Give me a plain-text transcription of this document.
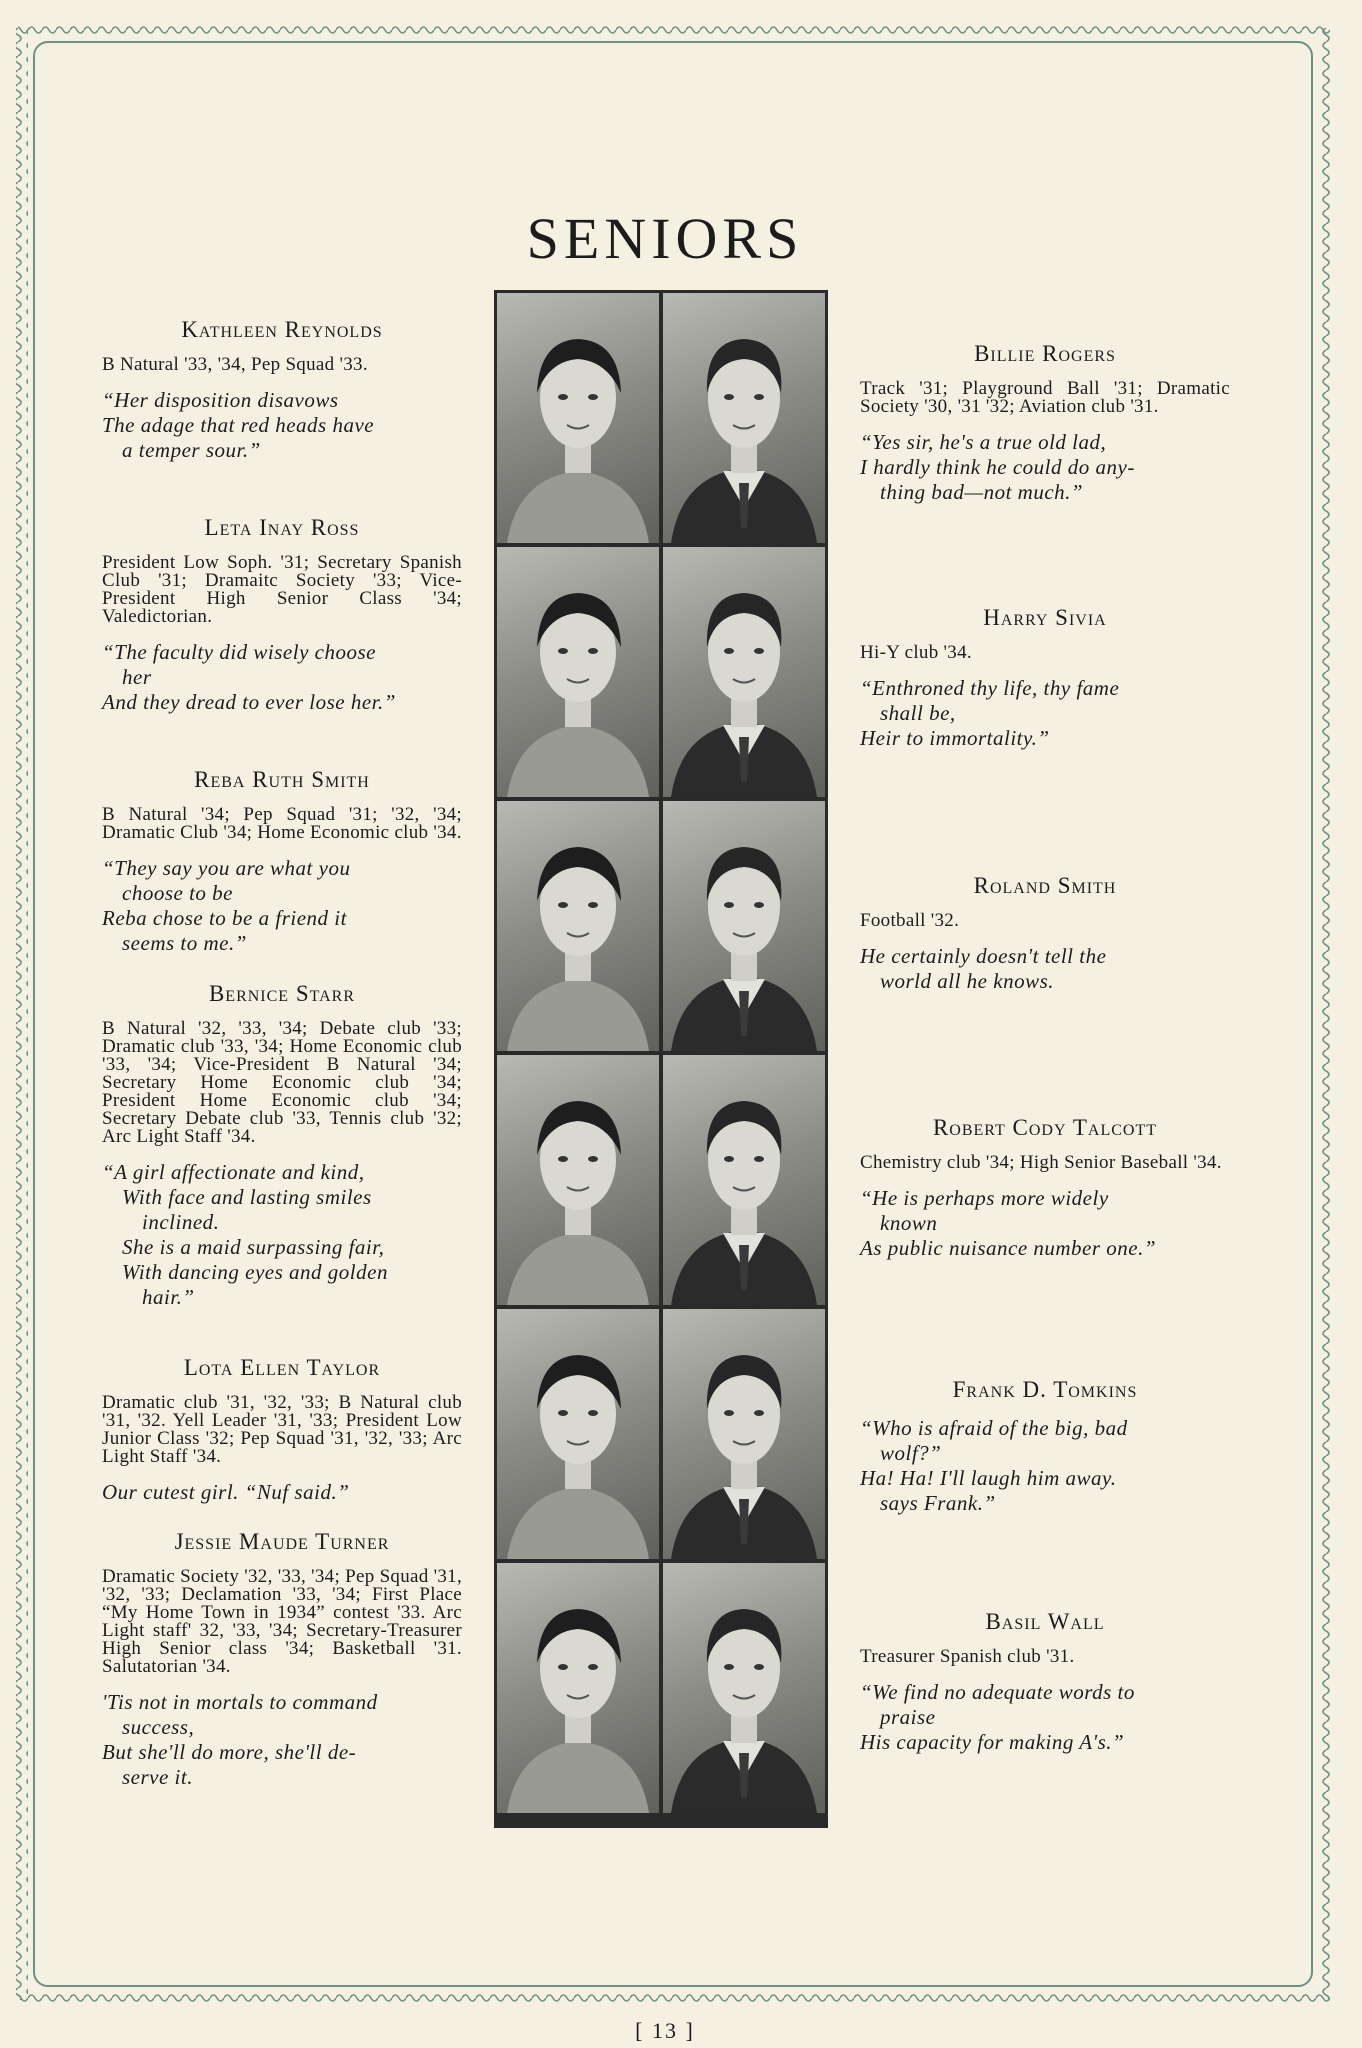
SENIORS
Kathleen Reynolds
B Natural '33, '34, Pep Squad '33.
“Her disposition disavows
The adage that red heads have
a temper sour.”
Leta Inay Ross
President Low Soph. '31; Secretary Spanish Club '31; Dramaitc Society '33; Vice-President High Senior Class '34; Valedictorian.
“The faculty did wisely choose
her
And they dread to ever lose her.”
Reba Ruth Smith
B Natural '34; Pep Squad '31; '32, '34; Dramatic Club '34; Home Economic club '34.
“They say you are what you
choose to be
Reba chose to be a friend it
seems to me.”
Bernice Starr
B Natural '32, '33, '34; Debate club '33; Dramatic club '33, '34; Home Economic club '33, '34; Vice-President B Natural '34; Secretary Home Economic club '34; President Home Economic club '34; Secretary Debate club '33, Tennis club '32; Arc Light Staff '34.
“A girl affectionate and kind,
With face and lasting smiles
inclined.
She is a maid surpassing fair,
With dancing eyes and golden
hair.”
Lota Ellen Taylor
Dramatic club '31, '32, '33; B Natural club '31, '32. Yell Leader '31, '33; President Low Junior Class '32; Pep Squad '31, '32, '33; Arc Light Staff '34.
Our cutest girl. “Nuf said.”
Jessie Maude Turner
Dramatic Society '32, '33, '34; Pep Squad '31, '32, '33; Declamation '33, '34; First Place “My Home Town in 1934” contest '33. Arc Light staff' 32, '33, '34; Secretary-Treasurer High Senior class '34; Basketball '31. Salutatorian '34.
'Tis not in mortals to command
success,
But she'll do more, she'll de-
serve it.
Billie Rogers
Track '31; Playground Ball '31; Dramatic Society '30, '31 '32; Aviation club '31.
“Yes sir, he's a true old lad,
I hardly think he could do any-
thing bad—not much.”
Harry Sivia
Hi-Y club '34.
“Enthroned thy life, thy fame
shall be,
Heir to immortality.”
Roland Smith
Football '32.
He certainly doesn't tell the
world all he knows.
Robert Cody Talcott
Chemistry club '34; High Senior Baseball '34.
“He is perhaps more widely
known
As public nuisance number one.”
Frank D. Tomkins
“Who is afraid of the big, bad
wolf?”
Ha! Ha! I'll laugh him away.
says Frank.”
Basil Wall
Treasurer Spanish club '31.
“We find no adequate words to
praise
His capacity for making A's.”
[ 13 ]
